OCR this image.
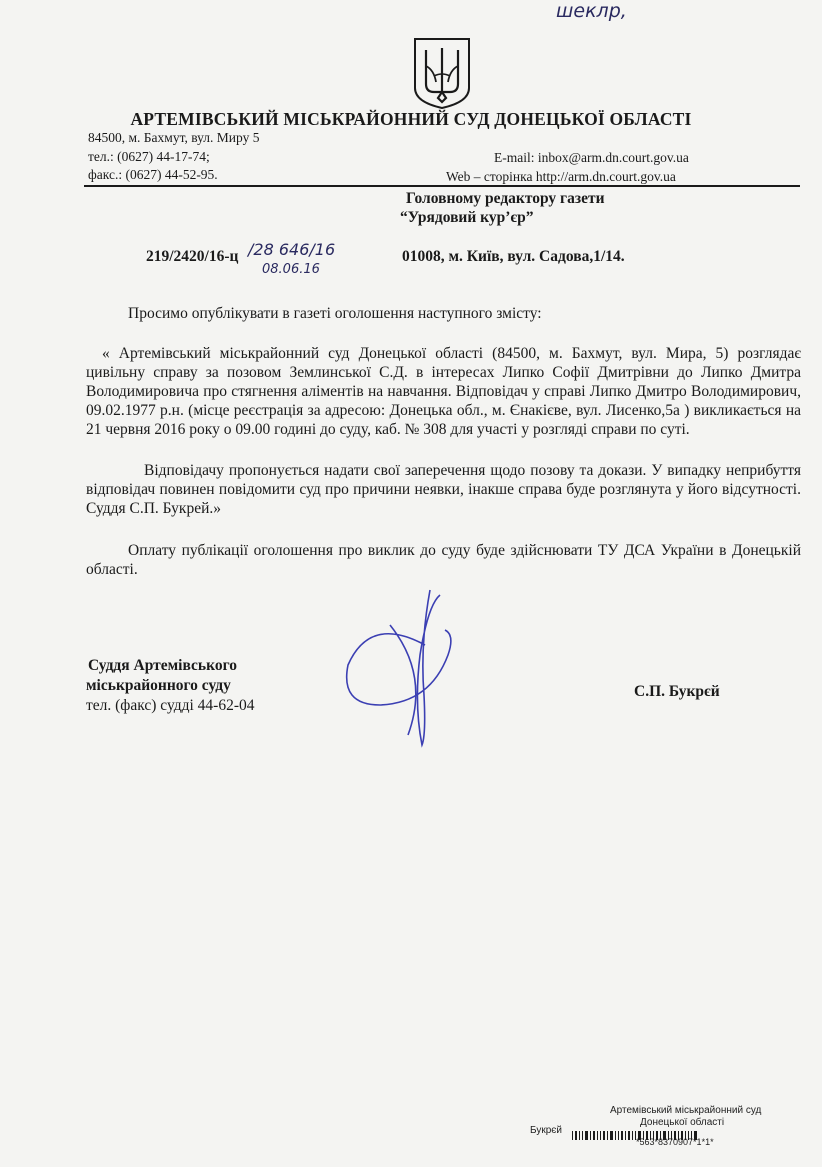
шеклр,
АРТЕМІВСЬКИЙ МІСЬКРАЙОННИЙ СУД ДОНЕЦЬКОЇ ОБЛАСТІ
84500, м. Бахмут, вул. Миру 5
тел.: (0627) 44-17-74;
факс.: (0627) 44-52-95.
E-mail: inbox@arm.dn.court.gov.ua
Web – сторінка http://arm.dn.court.gov.ua
Головному редактору газети
“Урядовий кур’єр”
219/2420/16-ц /28 646/16
08.06.16
01008, м. Київ, вул. Садова,1/14.
Просимо опублікувати в газеті оголошення наступного змісту:
« Артемівський міськрайонний суд Донецької області (84500, м. Бахмут, вул. Мира, 5) розглядає цивільну справу за позовом Землинської С.Д. в інтересах Липко Софії Дмитрівни до Липко Дмитра Володимировича про стягнення аліментів на навчання. Відповідач у справі Липко Дмитро Володимирович, 09.02.1977 р.н. (місце реєстрація за адресою: Донецька обл., м. Єнакієве, вул. Лисенко,5а ) викликається на 21 червня 2016 року о 09.00 годині до суду, каб. № 308 для участі у розгляді справи по суті.
Відповідачу пропонується надати свої заперечення щодо позову та докази. У випадку неприбуття відповідач повинен повідомити суд про причини неявки, інакше справа буде розглянута у його відсутності. Суддя С.П. Букрей.»
Оплату публікації оголошення про виклик до суду буде здійснювати ТУ ДСА України в Донецькій області.
Суддя Артемівського
міськрайонного суду
тел. (факс) судді 44-62-04
С.П. Букрєй
Артемівський міськрайонний суд
Донецької області
Букрєй
*563*8370907*1*1*
